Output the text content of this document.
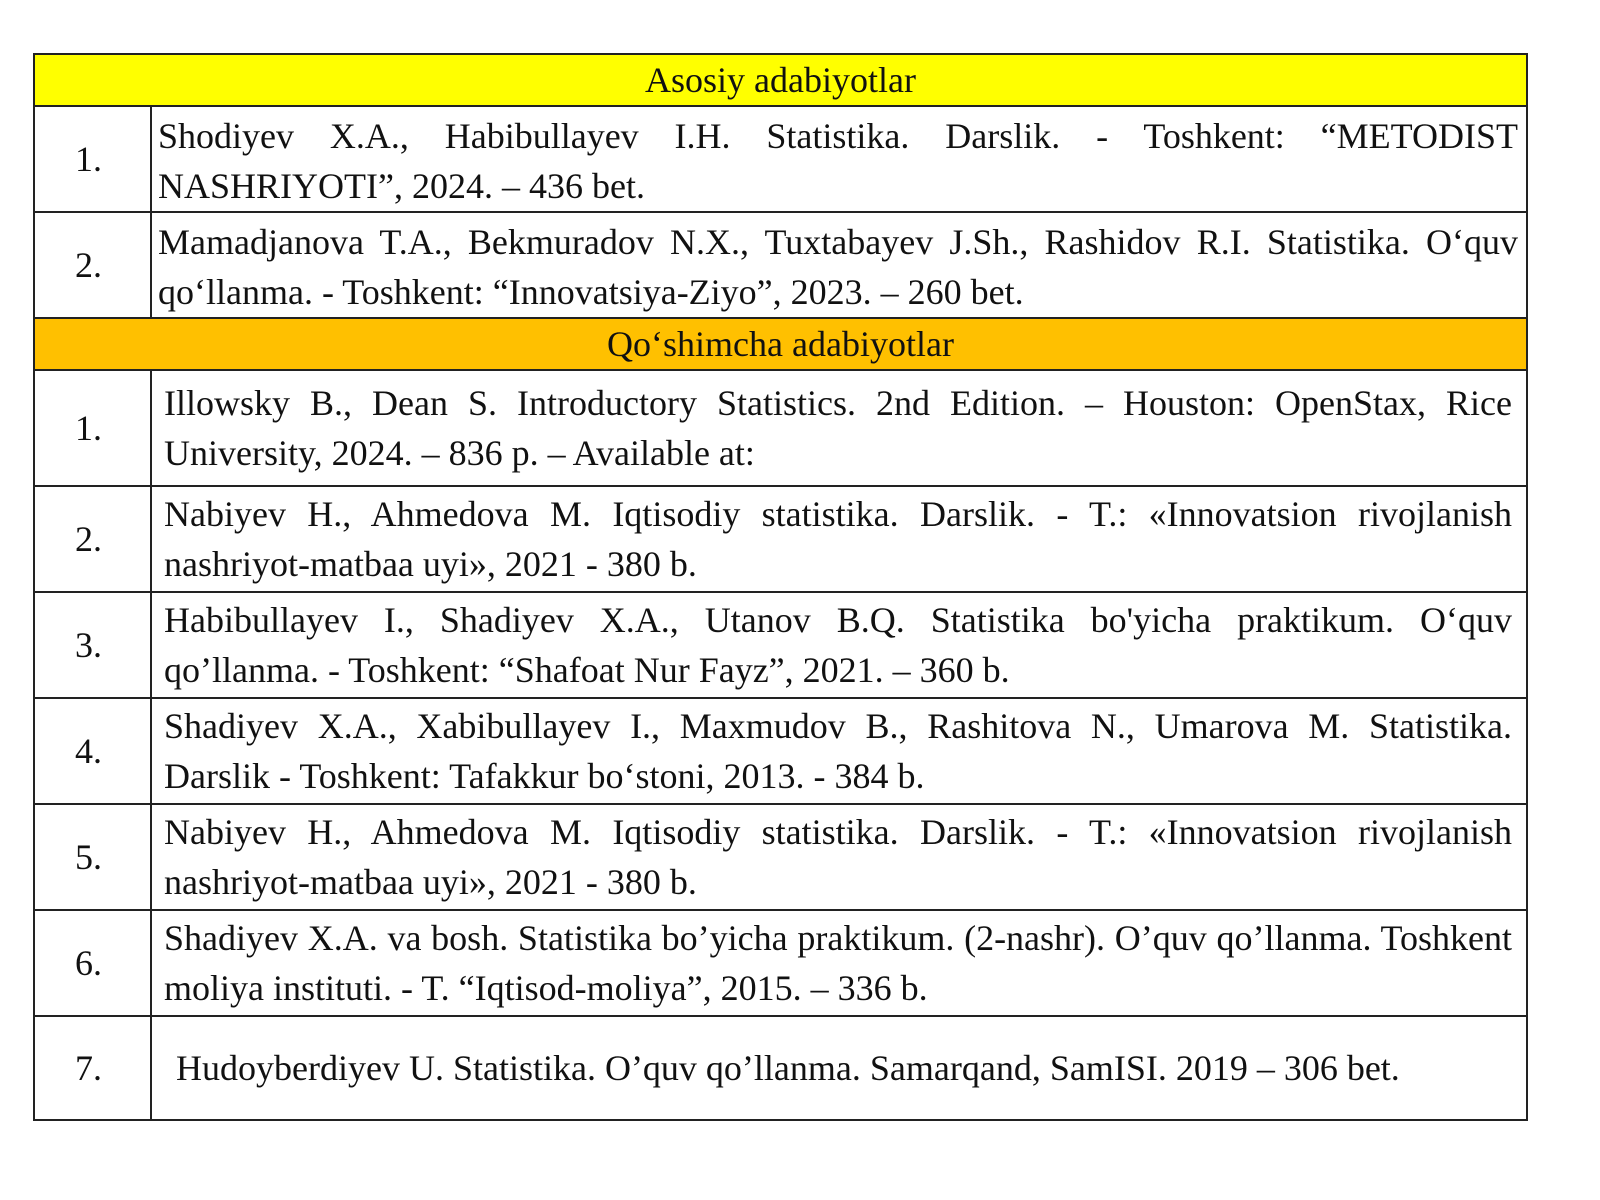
Asosiy adabiyotlar	
1.	Shodiyev X.A., Habibullayev I.H. Statistika. Darslik. - Toshkent: “METODIST NASHRIYOTI”, 2024. – 436 bet.
2.	Mamadjanova T.A., Bekmuradov N.X., Tuxtabayev J.Sh., Rashidov R.I. Statistika. O‘quv qo‘llanma. - Toshkent: “Innovatsiya-Ziyo”, 2023. – 260 bet.
Qo‘shimcha adabiyotlar	
1.	Illowsky B., Dean S. Introductory Statistics. 2nd Edition. – Houston: OpenStax, Rice University, 2024. – 836 p. – Available at:
2.	Nabiyev H., Ahmedova M. Iqtisodiy statistika. Darslik. - T.: «Innovatsion rivojlanish nashriyot-matbaa uyi», 2021 - 380 b.
3.	Habibullayev I., Shadiyev X.A., Utanov B.Q. Statistika bo'yicha praktikum. O‘quv qo’llanma. - Toshkent: “Shafoat Nur Fayz”, 2021. – 360 b.
4.	Shadiyev X.A., Xabibullayev I., Maxmudov B., Rashitova N., Umarova M. Statistika. Darslik - Toshkent: Tafakkur bo‘stoni, 2013. - 384 b.
5.	Nabiyev H., Ahmedova M. Iqtisodiy statistika. Darslik. - T.: «Innovatsion rivojlanish nashriyot-matbaa uyi», 2021 - 380 b.
6.	Shadiyev X.A. va bosh. Statistika bo’yicha praktikum. (2-nashr). O’quv qo’llanma. Toshkent moliya instituti. - T. “Iqtisod-moliya”, 2015. – 336 b.
7.	Hudoyberdiyev U. Statistika. O’quv qo’llanma. Samarqand, SamISI. 2019 – 306 bet.
